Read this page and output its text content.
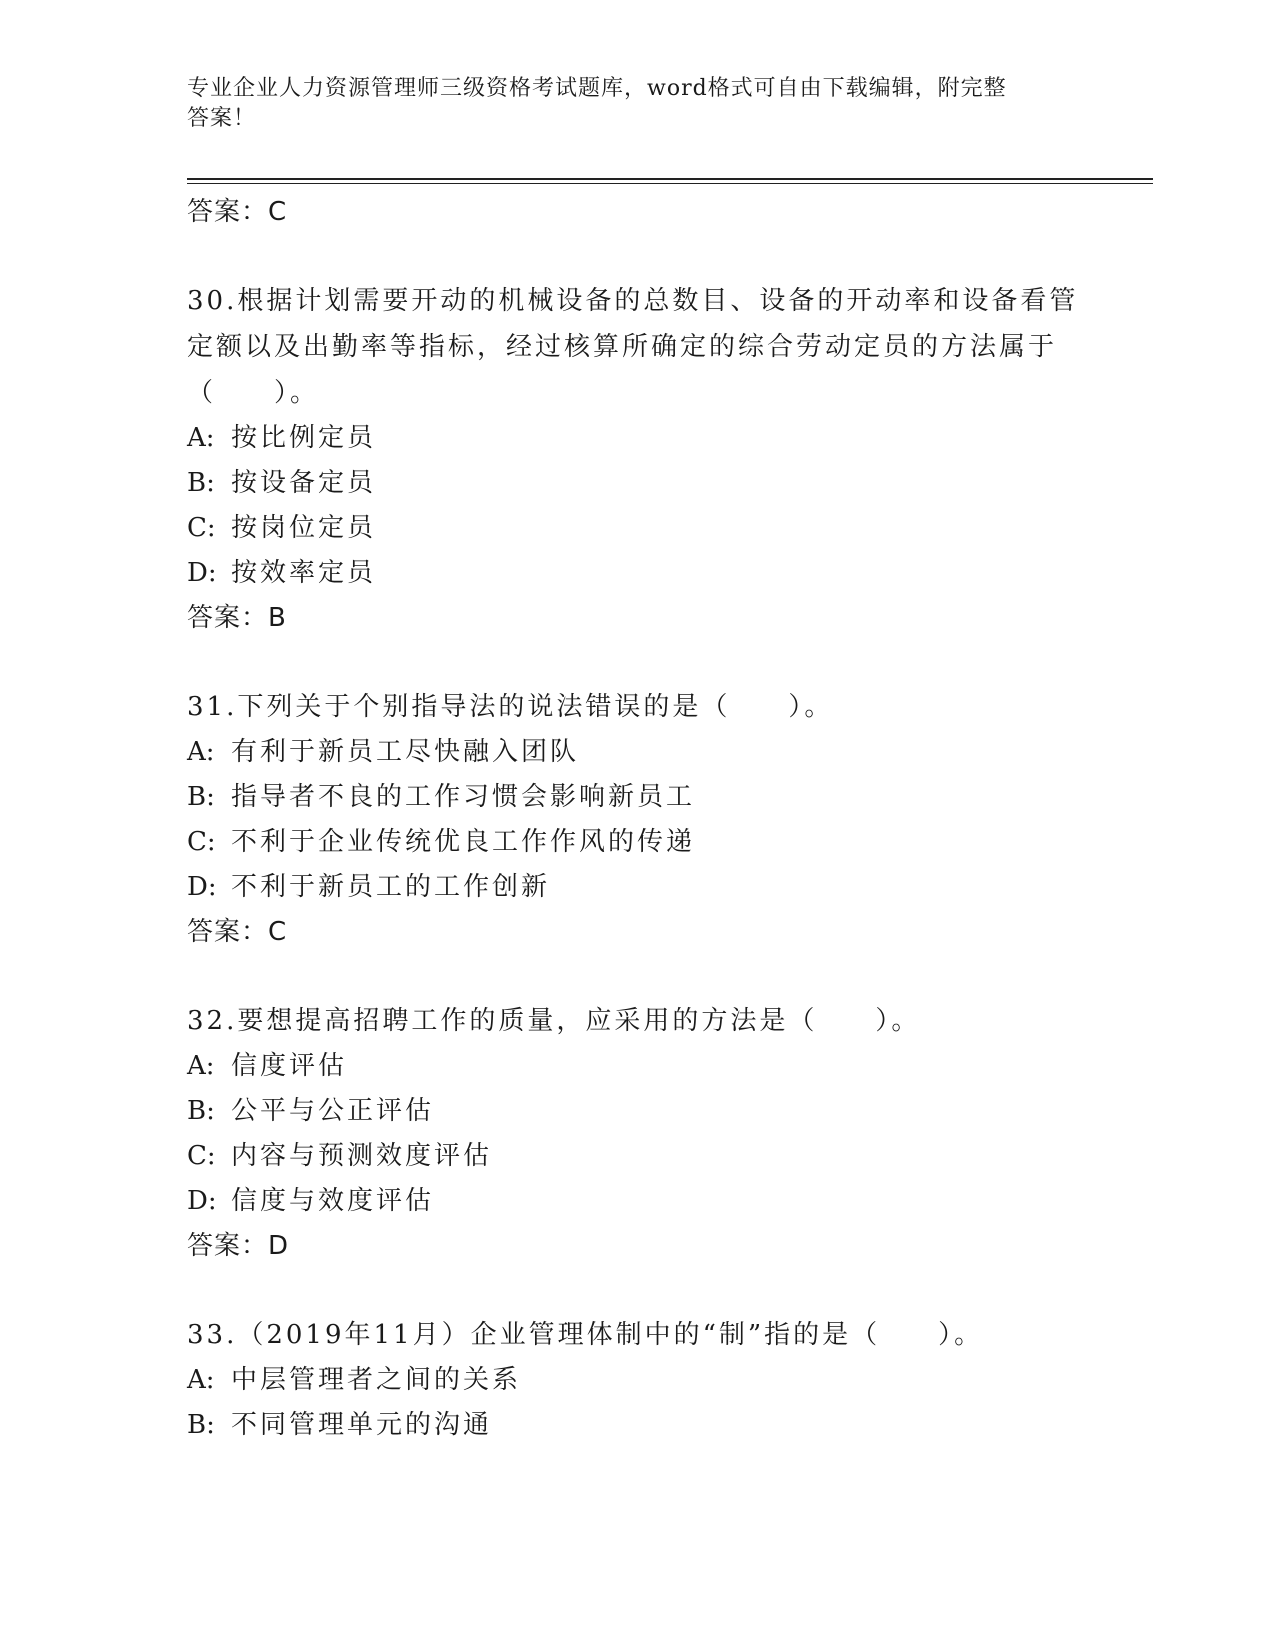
专业企业人力资源管理师三级资格考试题库，word格式可自由下载编辑，附完整
答案！
答案：C
30.根据计划需要开动的机械设备的总数目、设备的开动率和设备看管
定额以及出勤率等指标，经过核算所确定的综合劳动定员的方法属于
（　　）。
A: 按比例定员
B: 按设备定员
C: 按岗位定员
D: 按效率定员
答案：B
31.下列关于个别指导法的说法错误的是（　　）。
A: 有利于新员工尽快融入团队
B: 指导者不良的工作习惯会影响新员工
C: 不利于企业传统优良工作作风的传递
D: 不利于新员工的工作创新
答案：C
32.要想提高招聘工作的质量，应采用的方法是（　　）。
A: 信度评估
B: 公平与公正评估
C: 内容与预测效度评估
D: 信度与效度评估
答案：D
33.（2019年11月）企业管理体制中的“制”指的是（　　）。
A: 中层管理者之间的关系
B: 不同管理单元的沟通
